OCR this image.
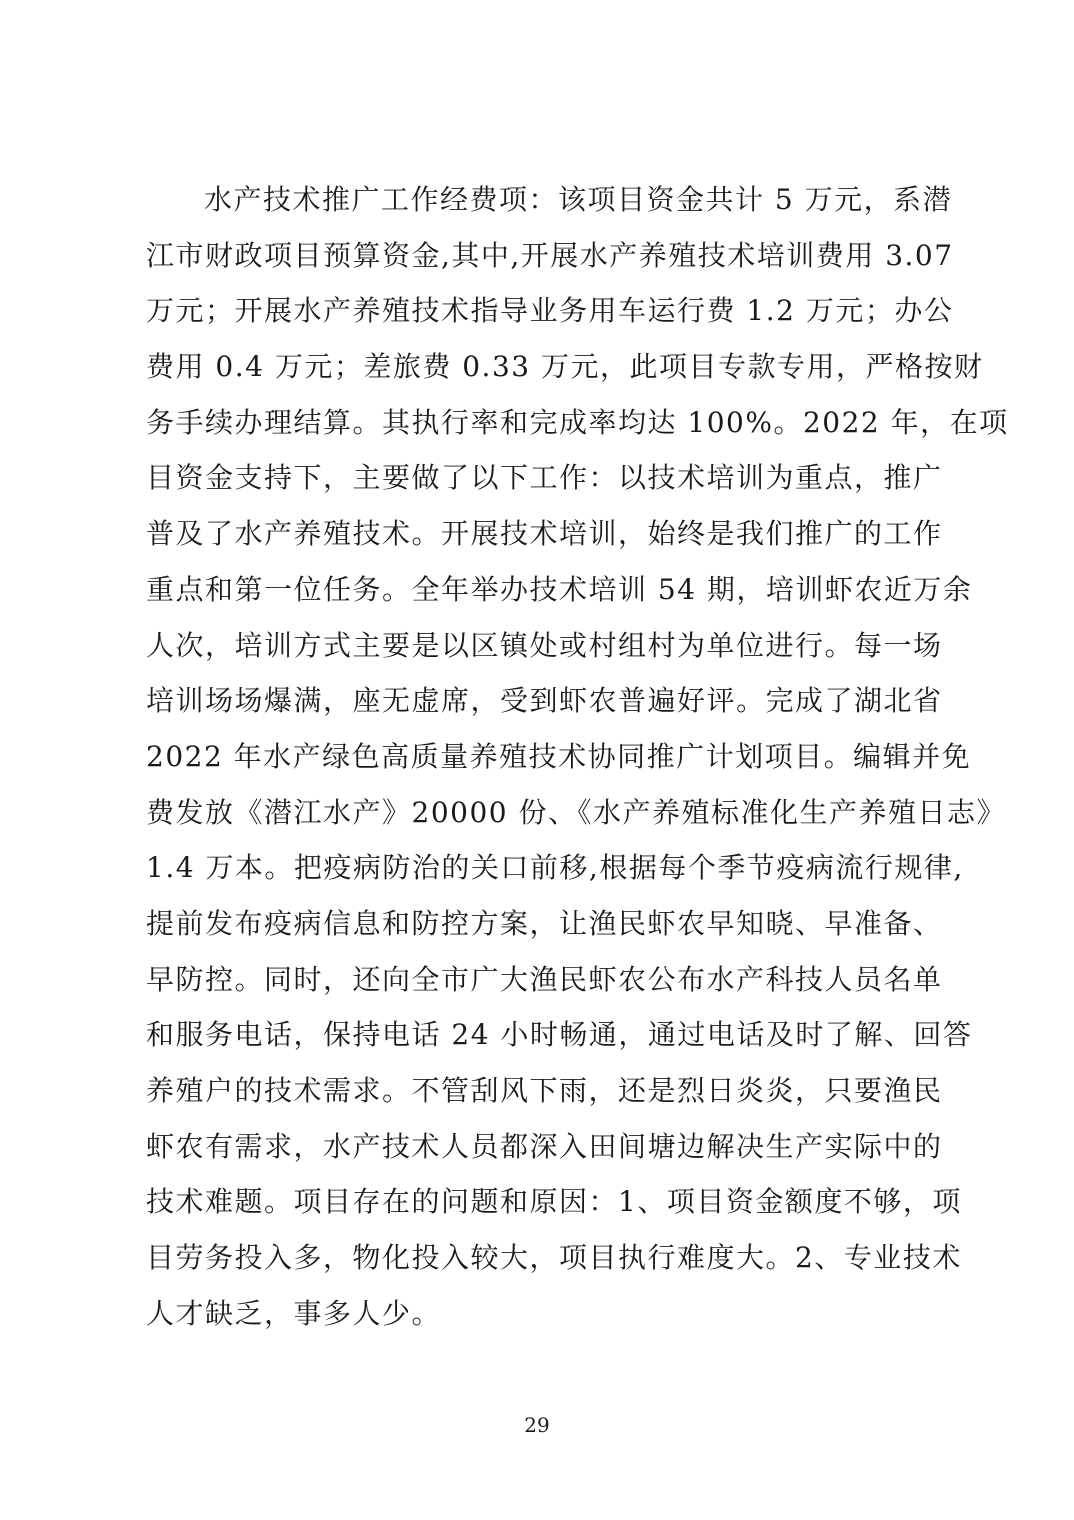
水产技术推广工作经费项：该项目资金共计 5 万元，系潜
江市财政项目预算资金,其中,开展水产养殖技术培训费用 3.07
万元；开展水产养殖技术指导业务用车运行费 1.2 万元；办公
费用 0.4 万元；差旅费 0.33 万元，此项目专款专用，严格按财
务手续办理结算。其执行率和完成率均达 100%。2022 年，在项
目资金支持下，主要做了以下工作：以技术培训为重点，推广
普及了水产养殖技术。开展技术培训，始终是我们推广的工作
重点和第一位任务。全年举办技术培训 54 期，培训虾农近万余
人次，培训方式主要是以区镇处或村组村为单位进行。每一场
培训场场爆满，座无虚席，受到虾农普遍好评。完成了湖北省
2022 年水产绿色高质量养殖技术协同推广计划项目。编辑并免
费发放《潜江水产》20000 份、《水产养殖标准化生产养殖日志》
1.4 万本。把疫病防治的关口前移,根据每个季节疫病流行规律,
提前发布疫病信息和防控方案，让渔民虾农早知晓、早准备、
早防控。同时，还向全市广大渔民虾农公布水产科技人员名单
和服务电话，保持电话 24 小时畅通，通过电话及时了解、回答
养殖户的技术需求。不管刮风下雨，还是烈日炎炎，只要渔民
虾农有需求，水产技术人员都深入田间塘边解决生产实际中的
技术难题。项目存在的问题和原因：1、项目资金额度不够，项
目劳务投入多，物化投入较大，项目执行难度大。2、专业技术
人才缺乏，事多人少。
29
